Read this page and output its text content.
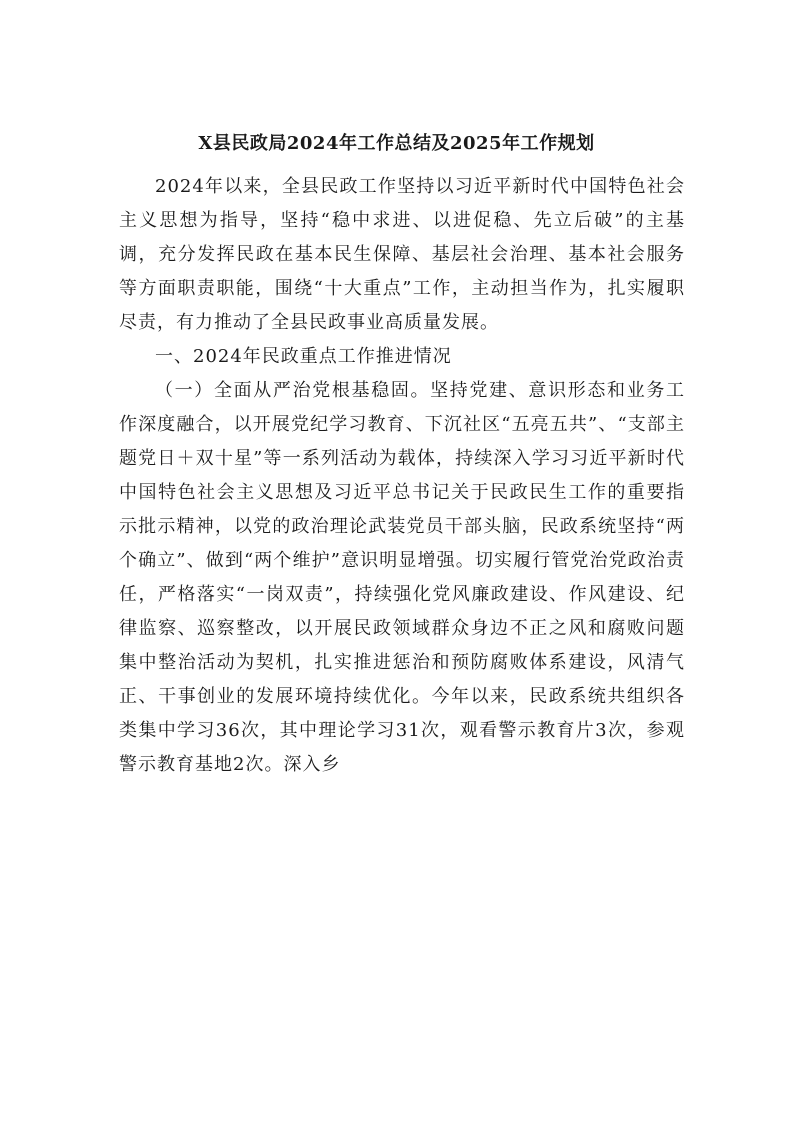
X县民政局2024年工作总结及2025年工作规划

2024年以来，全县民政工作坚持以习近平新时代中国特色社会主义思想为指导，坚持“稳中求进、以进促稳、先立后破”的主基调，充分发挥民政在基本民生保障、基层社会治理、基本社会服务等方面职责职能，围绕“十大重点”工作，主动担当作为，扎实履职尽责，有力推动了全县民政事业高质量发展。

一、2024年民政重点工作推进情况

（一）全面从严治党根基稳固。坚持党建、意识形态和业务工作深度融合，以开展党纪学习教育、下沉社区“五亮五共”、“支部主题党日＋双十星”等一系列活动为载体，持续深入学习习近平新时代中国特色社会主义思想及习近平总书记关于民政民生工作的重要指示批示精神，以党的政治理论武装党员干部头脑，民政系统坚持“两个确立”、做到“两个维护”意识明显增强。切实履行管党治党政治责任，严格落实“一岗双责”，持续强化党风廉政建设、作风建设、纪律监察、巡察整改，以开展民政领域群众身边不正之风和腐败问题集中整治活动为契机，扎实推进惩治和预防腐败体系建设，风清气正、干事创业的发展环境持续优化。今年以来，民政系统共组织各类集中学习36次，其中理论学习31次，观看警示教育片3次，参观警示教育基地2次。深入乡
